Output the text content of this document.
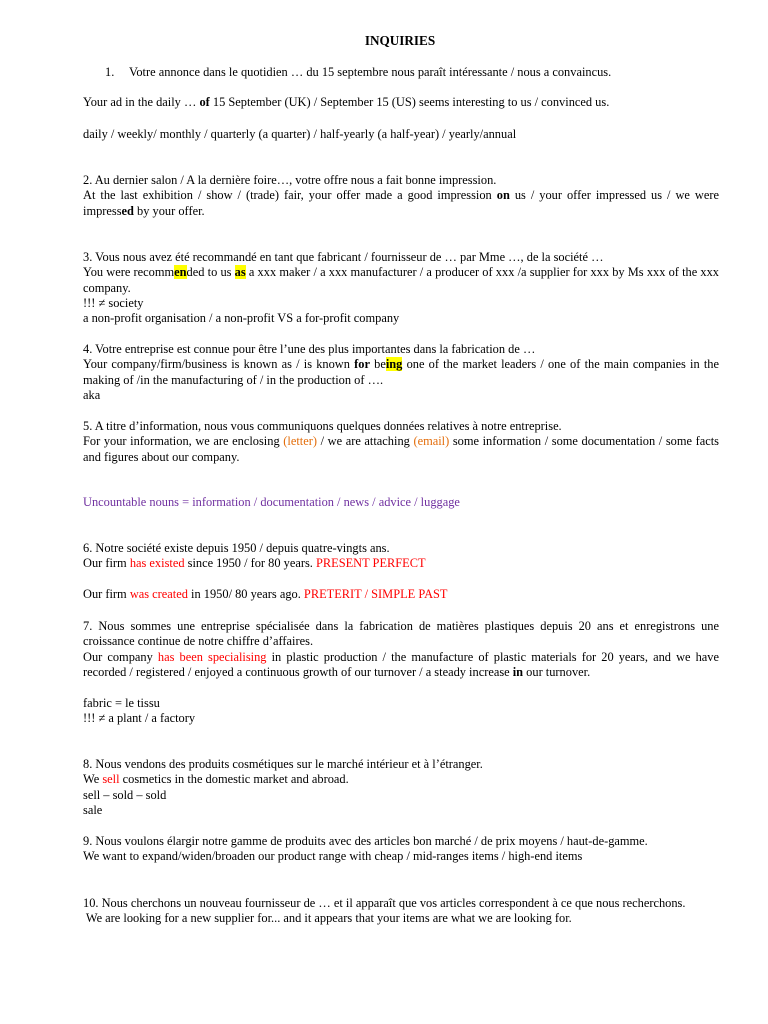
INQUIRIES

1. Votre annonce dans le quotidien … du 15 septembre nous paraît intéressante / nous a convaincus.

Your ad in the daily … of 15 September (UK) / September 15 (US) seems interesting to us / convinced us.

daily / weekly/ monthly / quarterly (a quarter) / half-yearly (a half-year) / yearly/annual

2. Au dernier salon / A la dernière foire…, votre offre nous a fait bonne impression.

At the last exhibition / show / (trade) fair, your offer made a good impression on us / your offer impressed us / we were impressed by your offer.

3. Vous nous avez été recommandé en tant que fabricant / fournisseur de … par Mme …, de la société …

You were recommended to us as a xxx maker / a xxx manufacturer / a producer of xxx /a supplier for xxx by Ms xxx of the xxx company.

!!! ≠ society

a non-profit organisation / a non-profit VS a for-profit company

4. Votre entreprise est connue pour être l’une des plus importantes dans la fabrication de …

Your company/firm/business is known as / is known for being one of the market leaders / one of the main companies in the making of /in the manufacturing of / in the production of ….

aka

5. A titre d’information, nous vous communiquons quelques données relatives à notre entreprise.

For your information, we are enclosing (letter) / we are attaching (email) some information / some documentation / some facts and figures about our company.

Uncountable nouns = information / documentation / news / advice / luggage

6. Notre société existe depuis 1950 / depuis quatre-vingts ans.

Our firm has existed since 1950 / for 80 years. PRESENT PERFECT

Our firm was created in 1950/ 80 years ago. PRETERIT / SIMPLE PAST

7. Nous sommes une entreprise spécialisée dans la fabrication de matières plastiques depuis 20 ans et enregistrons une croissance continue de notre chiffre d’affaires.

Our company has been specialising in plastic production / the manufacture of plastic materials for 20 years, and we have recorded / registered / enjoyed a continuous growth of our turnover / a steady increase in our turnover.

fabric = le tissu

!!! ≠ a plant / a factory

8. Nous vendons des produits cosmétiques sur le marché intérieur et à l’étranger.

We sell cosmetics in the domestic market and abroad.

sell – sold – sold

sale

9. Nous voulons élargir notre gamme de produits avec des articles bon marché / de prix moyens / haut-de-gamme.

We want to expand/widen/broaden our product range with cheap / mid-ranges items / high-end items

10. Nous cherchons un nouveau fournisseur de … et il apparaît que vos articles correspondent à ce que nous recherchons.

We are looking for a new supplier for... and it appears that your items are what we are looking for.
